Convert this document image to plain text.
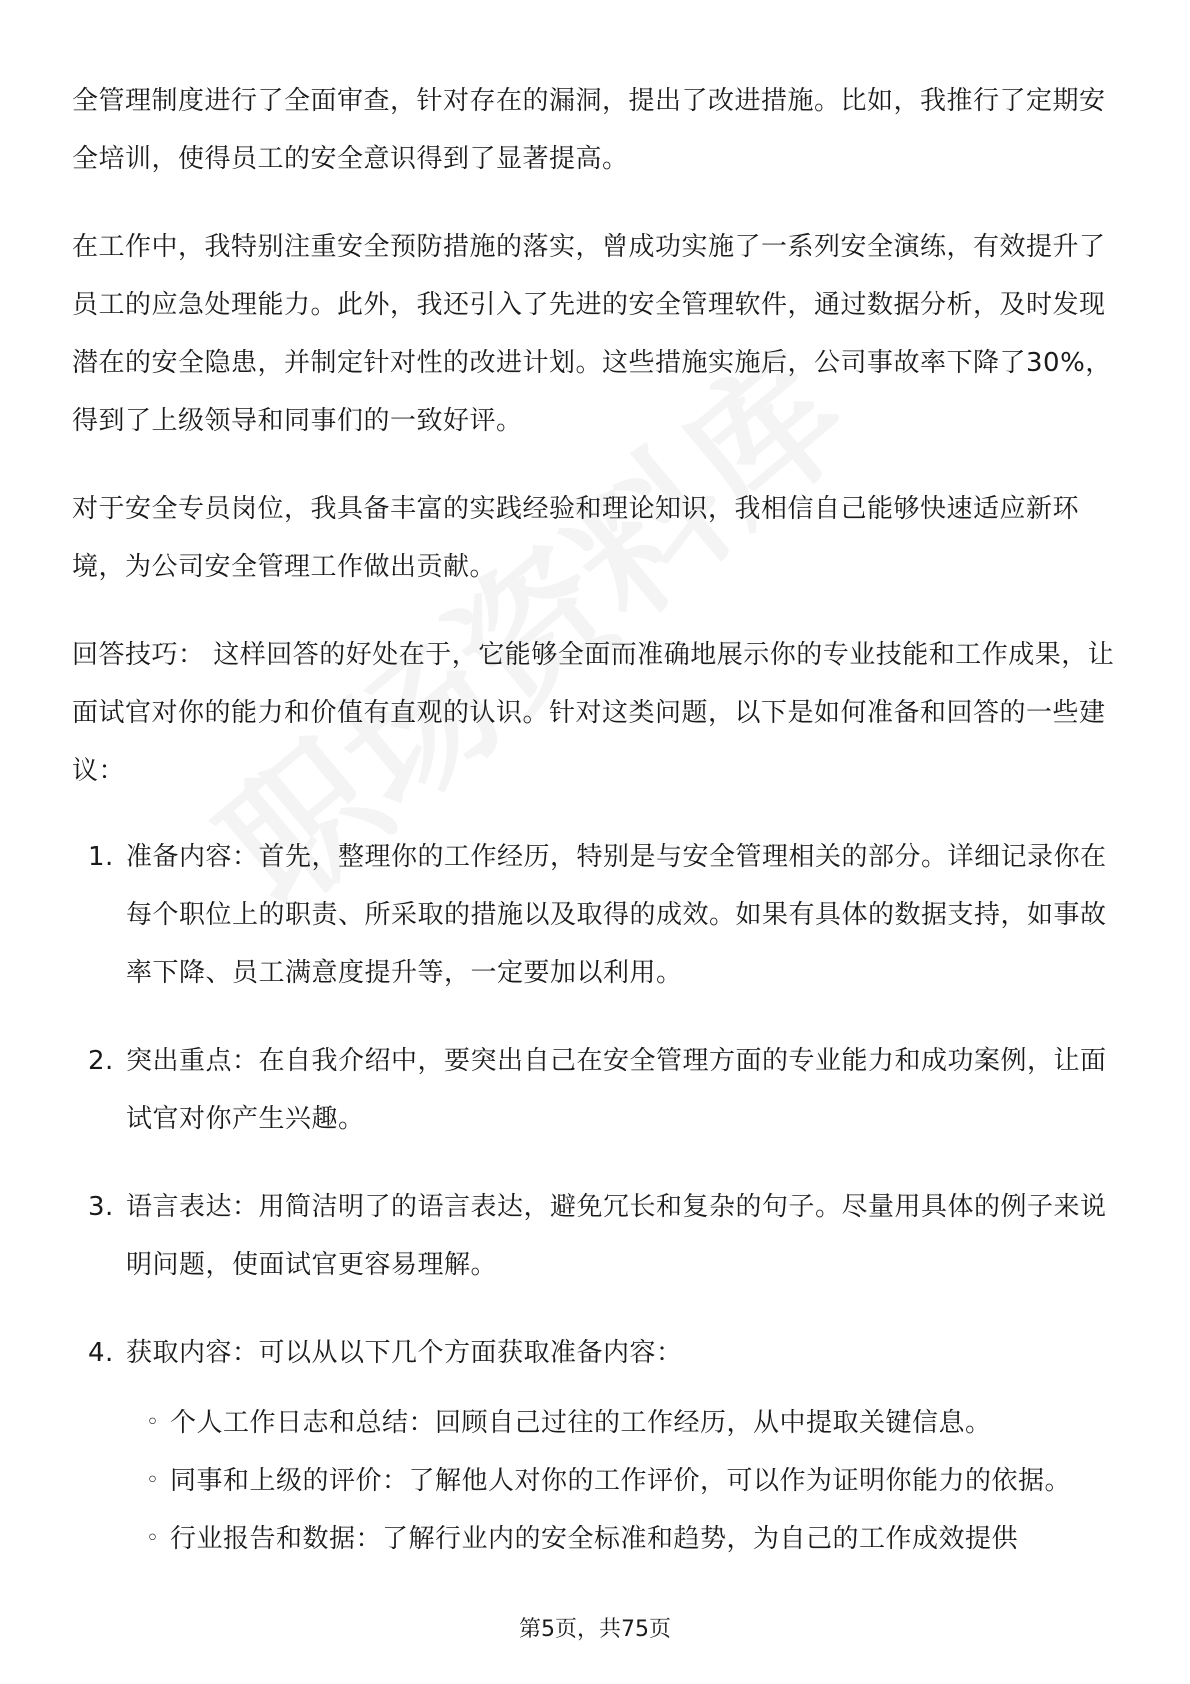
全管理制度进行了全面审查，针对存在的漏洞，提出了改进措施。比如，我推行了定期安全培训，使得员工的安全意识得到了显著提高。

在工作中，我特别注重安全预防措施的落实，曾成功实施了一系列安全演练，有效提升了员工的应急处理能力。此外，我还引入了先进的安全管理软件，通过数据分析，及时发现潜在的安全隐患，并制定针对性的改进计划。这些措施实施后，公司事故率下降了30%，得到了上级领导和同事们的一致好评。

对于安全专员岗位，我具备丰富的实践经验和理论知识，我相信自己能够快速适应新环境，为公司安全管理工作做出贡献。

回答技巧： 这样回答的好处在于，它能够全面而准确地展示你的专业技能和工作成果，让面试官对你的能力和价值有直观的认识。针对这类问题，以下是如何准备和回答的一些建议：

1. 准备内容：首先，整理你的工作经历，特别是与安全管理相关的部分。详细记录你在每个职位上的职责、所采取的措施以及取得的成效。如果有具体的数据支持，如事故率下降、员工满意度提升等，一定要加以利用。
2. 突出重点：在自我介绍中，要突出自己在安全管理方面的专业能力和成功案例，让面试官对你产生兴趣。
3. 语言表达：用简洁明了的语言表达，避免冗长和复杂的句子。尽量用具体的例子来说明问题，使面试官更容易理解。
4. 获取内容：可以从以下几个方面获取准备内容：
◦ 个人工作日志和总结：回顾自己过往的工作经历，从中提取关键信息。
◦ 同事和上级的评价：了解他人对你的工作评价，可以作为证明你能力的依据。
◦ 行业报告和数据：了解行业内的安全标准和趋势，为自己的工作成效提供
第5页，共75页
